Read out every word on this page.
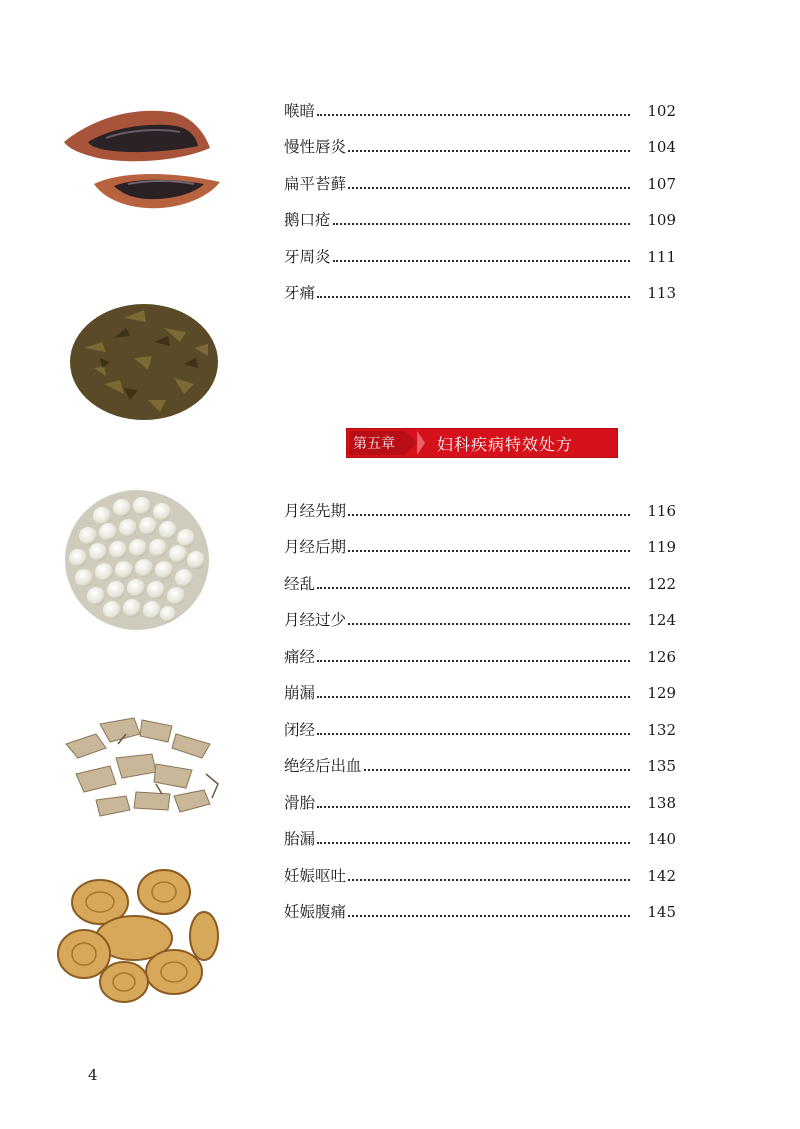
喉暗	102
慢性唇炎	104
扁平苔藓	107
鹅口疮	109
牙周炎	111
牙痛	113
第五章	妇科疾病特效处方
月经先期	116
月经后期	119
经乱	122
月经过少	124
痛经	126
崩漏	129
闭经	132
绝经后出血	135
滑胎	138
胎漏	140
妊娠呕吐	142
妊娠腹痛	145
4
